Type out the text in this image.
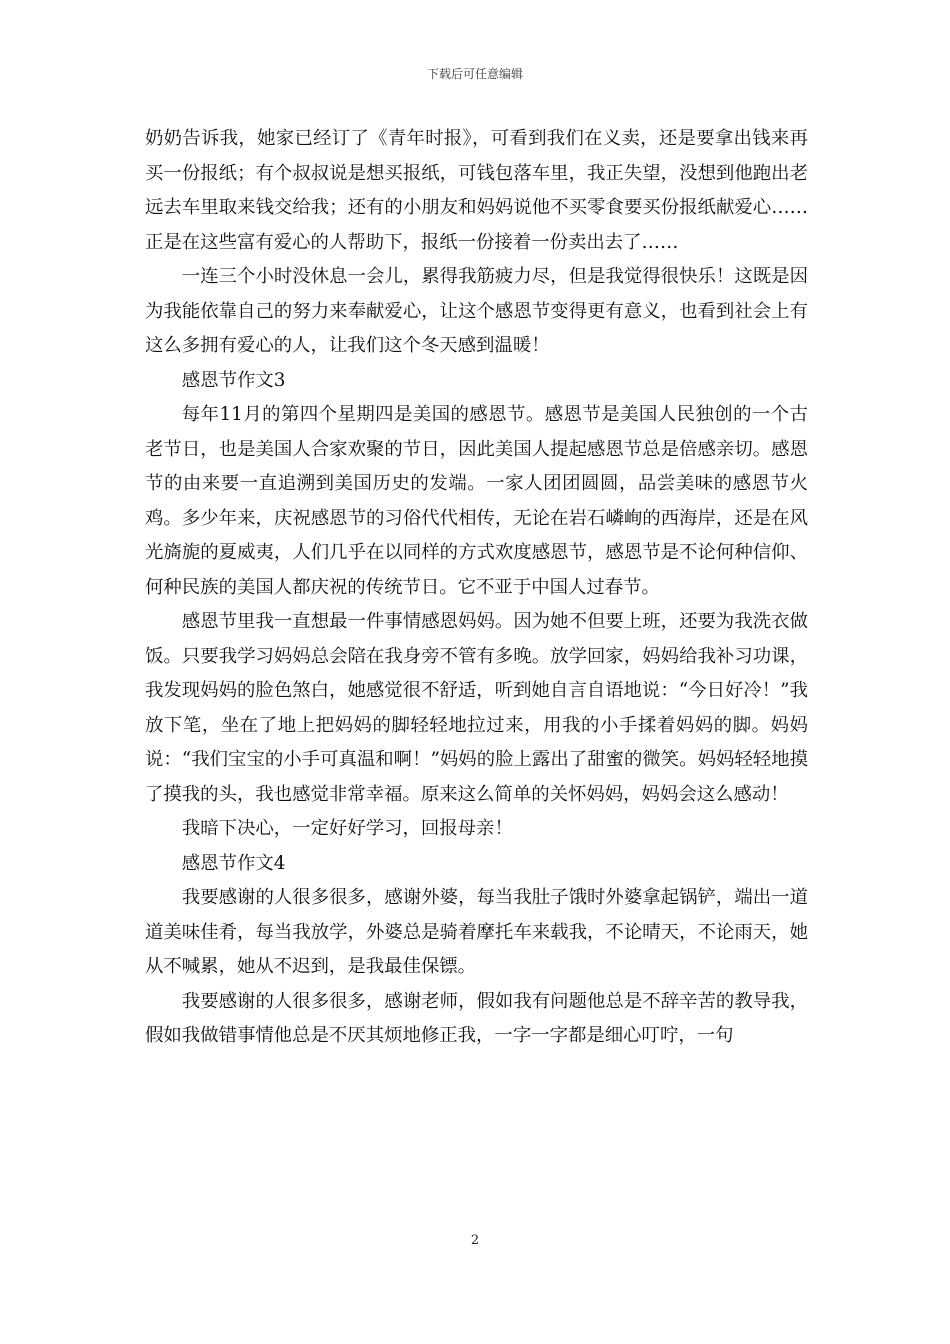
下载后可任意编辑

奶奶告诉我，她家已经订了《青年时报》，可看到我们在义卖，还是要拿出钱来再买一份报纸；有个叔叔说是想买报纸，可钱包落车里，我正失望，没想到他跑出老远去车里取来钱交给我；还有的小朋友和妈妈说他不买零食要买份报纸献爱心……正是在这些富有爱心的人帮助下，报纸一份接着一份卖出去了……

一连三个小时没休息一会儿，累得我筋疲力尽，但是我觉得很快乐！这既是因为我能依靠自己的努力来奉献爱心，让这个感恩节变得更有意义，也看到社会上有这么多拥有爱心的人，让我们这个冬天感到温暖！

感恩节作文3

每年11月的第四个星期四是美国的感恩节。感恩节是美国人民独创的一个古老节日，也是美国人合家欢聚的节日，因此美国人提起感恩节总是倍感亲切。感恩节的由来要一直追溯到美国历史的发端。一家人团团圆圆，品尝美味的感恩节火鸡。多少年来，庆祝感恩节的习俗代代相传，无论在岩石嶙峋的西海岸，还是在风光旖旎的夏威夷，人们几乎在以同样的方式欢度感恩节，感恩节是不论何种信仰、何种民族的美国人都庆祝的传统节日。它不亚于中国人过春节。

感恩节里我一直想最一件事情感恩妈妈。因为她不但要上班，还要为我洗衣做饭。只要我学习妈妈总会陪在我身旁不管有多晚。放学回家，妈妈给我补习功课，我发现妈妈的脸色煞白，她感觉很不舒适，听到她自言自语地说：“今日好冷！”我放下笔，坐在了地上把妈妈的脚轻轻地拉过来，用我的小手揉着妈妈的脚。妈妈说：“我们宝宝的小手可真温和啊！”妈妈的脸上露出了甜蜜的微笑。妈妈轻轻地摸了摸我的头，我也感觉非常幸福。原来这么简单的关怀妈妈，妈妈会这么感动！

我暗下决心，一定好好学习，回报母亲！

感恩节作文4

我要感谢的人很多很多，感谢外婆，每当我肚子饿时外婆拿起锅铲，端出一道道美味佳肴，每当我放学，外婆总是骑着摩托车来载我，不论晴天，不论雨天，她从不喊累，她从不迟到，是我最佳保镖。

我要感谢的人很多很多，感谢老师，假如我有问题他总是不辞辛苦的教导我，假如我做错事情他总是不厌其烦地修正我，一字一字都是细心叮咛，一句

2
